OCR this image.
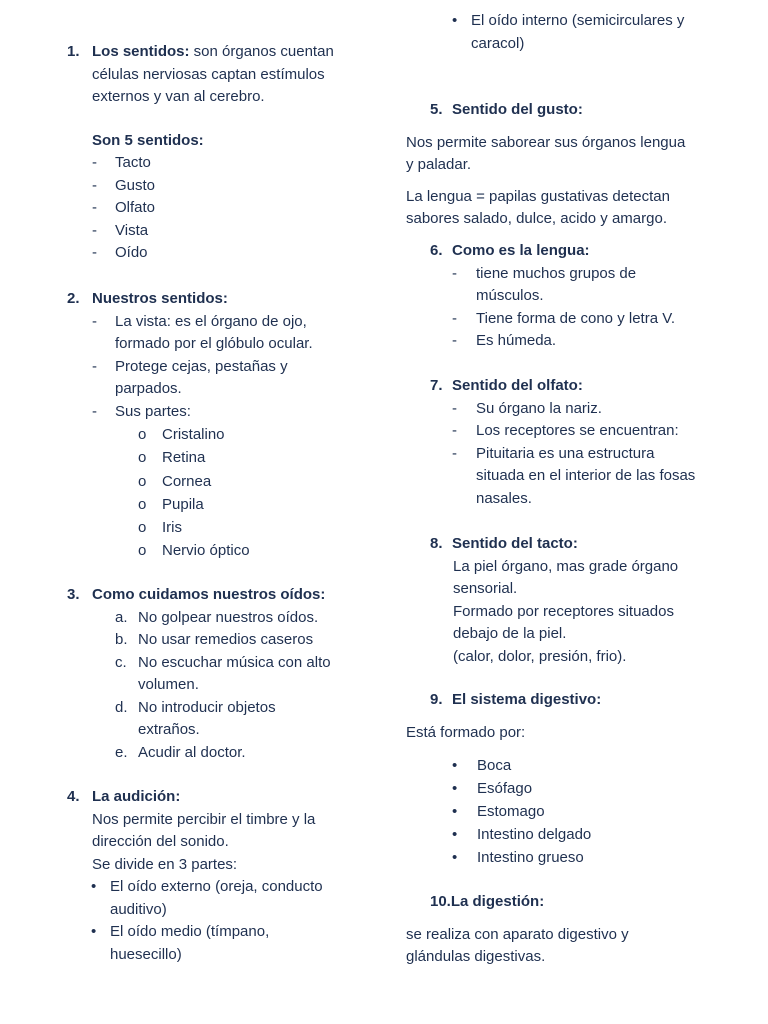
1. Los sentidos: son órganos cuentan
células nerviosas captan estímulos
externos y van al cerebro.
Son 5 sentidos:
- Tacto
- Gusto
- Olfato
- Vista
- Oído
2. Nuestros sentidos:
- La vista: es el órgano de ojo,
formado por el glóbulo ocular.
- Protege cejas, pestañas y
parpados.
- Sus partes:
o Cristalino
o Retina
o Cornea
o Pupila
o Iris
o Nervio óptico
3. Como cuidamos nuestros oídos:
a. No golpear nuestros oídos.
b. No usar remedios caseros
c. No escuchar música con alto
volumen.
d. No introducir objetos
extraños.
e. Acudir al doctor.
4. La audición:
Nos permite percibir el timbre y la
dirección del sonido.
Se divide en 3 partes:
• El oído externo (oreja, conducto
auditivo)
• El oído medio (tímpano,
huesecillo)
• El oído interno (semicirculares y
caracol)
5. Sentido del gusto:
Nos permite saborear sus órganos lengua
y paladar.
La lengua = papilas gustativas detectan
sabores salado, dulce, acido y amargo.
6. Como es la lengua:
- tiene muchos grupos de
músculos.
- Tiene forma de cono y letra V.
- Es húmeda.
7. Sentido del olfato:
- Su órgano la nariz.
- Los receptores se encuentran:
- Pituitaria es una estructura
situada en el interior de las fosas
nasales.
8. Sentido del tacto:
La piel órgano, mas grade órgano
sensorial.
Formado por receptores situados
debajo de la piel.
(calor, dolor, presión, frio).
9. El sistema digestivo:
Está formado por:
• Boca
• Esófago
• Estomago
• Intestino delgado
• Intestino grueso
10.La digestión:
se realiza con aparato digestivo y
glándulas digestivas.
